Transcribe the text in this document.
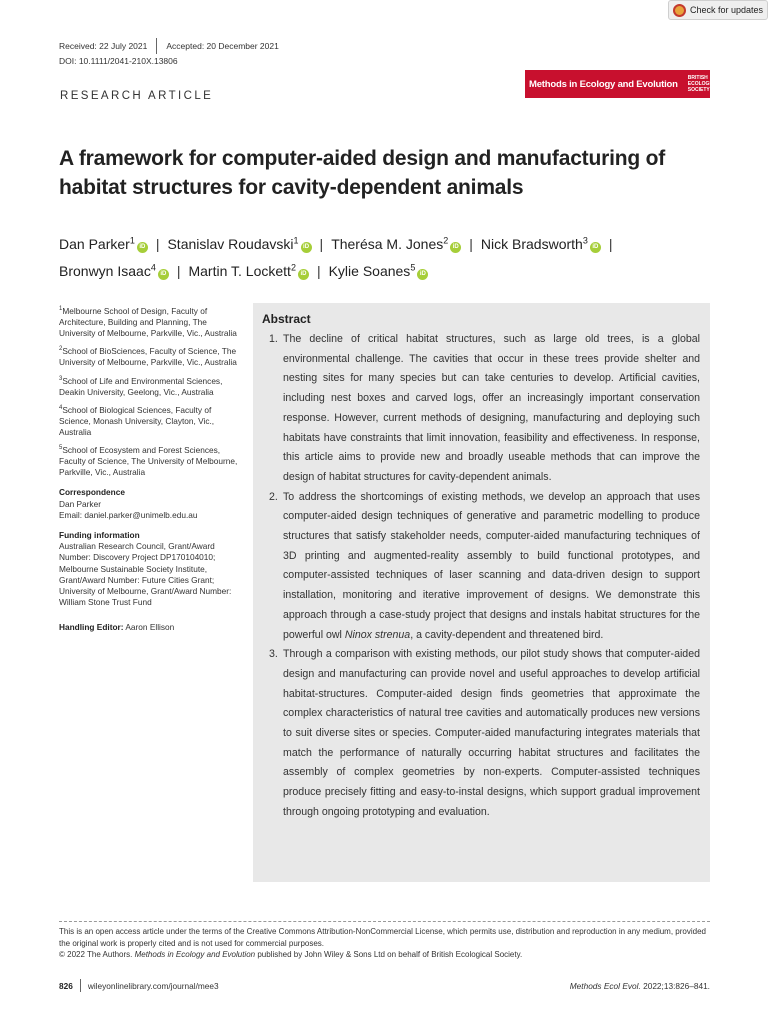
Check for updates
Received: 22 July 2021 Accepted: 20 December 2021
DOI: 10.1111/2041-210X.13806
Methods in Ecology and Evolution
BRITISH
ECOLOGICAL
SOCIETY
RESEARCH ARTICLE
A framework for computer-aided design and manufacturing of habitat structures for cavity-dependent animals
Dan Parker$^1$iD | Stanislav Roudavski$^1$iD | Therésa M. Jones$^2$iD | Nick Bradsworth$^3$iD |
Bronwyn Isaac$^4$iD | Martin T. Lockett$^2$iD | Kylie Soanes$^5$iD
$^1$Melbourne School of Design, Faculty of Architecture, Building and Planning, The University of Melbourne, Parkville, Vic., Australia
$^2$School of BioSciences, Faculty of Science, The University of Melbourne, Parkville, Vic., Australia
$^3$School of Life and Environmental Sciences, Deakin University, Geelong, Vic., Australia
$^4$School of Biological Sciences, Faculty of Science, Monash University, Clayton, Vic., Australia
$^5$School of Ecosystem and Forest Sciences, Faculty of Science, The University of Melbourne, Parkville, Vic., Australia
Correspondence
Dan Parker
Email: daniel.parker@unimelb.edu.au
Funding information
Australian Research Council, Grant/Award Number: Discovery Project DP170104010; Melbourne Sustainable Society Institute, Grant/Award Number: Future Cities Grant; University of Melbourne, Grant/Award Number: William Stone Trust Fund
Handling Editor: Aaron Ellison
Abstract
1. The decline of critical habitat structures, such as large old trees, is a global environmental challenge. The cavities that occur in these trees provide shelter and nesting sites for many species but can take centuries to develop. Artificial cavities, including nest boxes and carved logs, offer an increasingly important conservation response. However, current methods of designing, manufacturing and deploying such habitats have constraints that limit innovation, feasibility and effectiveness. In response, this article aims to provide new and broadly useable methods that can improve the design of habitat structures for cavity-dependent animals.
2. To address the shortcomings of existing methods, we develop an approach that uses computer-aided design techniques of generative and parametric modelling to produce structures that satisfy stakeholder needs, computer-aided manufacturing techniques of 3D printing and augmented-reality assembly to build functional prototypes, and computer-assisted techniques of laser scanning and data-driven design to support installation, monitoring and iterative improvement of designs. We demonstrate this approach through a case-study project that designs and instals habitat structures for the powerful owl Ninox strenua, a cavity-dependent and threatened bird.
3. Through a comparison with existing methods, our pilot study shows that computer-aided design and manufacturing can provide novel and useful approaches to develop artificial habitat-structures. Computer-aided design finds geometries that approximate the complex characteristics of natural tree cavities and automatically produces new versions to suit diverse sites or species. Computer-aided manufacturing integrates materials that match the performance of naturally occurring habitat structures and facilitates the assembly of complex geometries by non-experts. Computer-assisted techniques produce precisely fitting and easy-to-instal designs, which support gradual improvement through ongoing prototyping and evaluation.
This is an open access article under the terms of the Creative Commons Attribution-NonCommercial License, which permits use, distribution and reproduction in any medium, provided the original work is properly cited and is not used for commercial purposes.
© 2022 The Authors. Methods in Ecology and Evolution published by John Wiley & Sons Ltd on behalf of British Ecological Society.
826 wileyonlinelibrary.com/journal/mee3	Methods Ecol Evol. 2022;13:826–841.
